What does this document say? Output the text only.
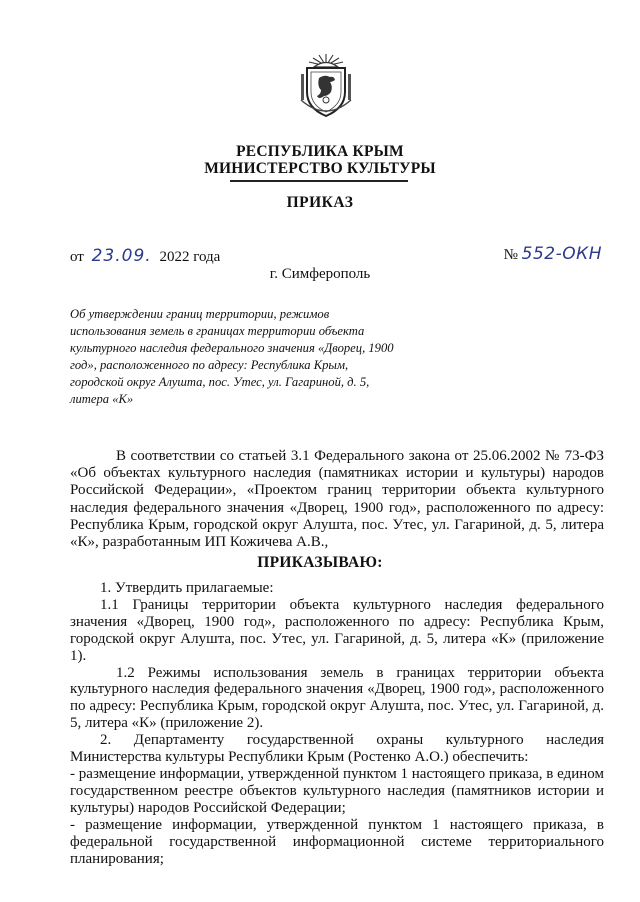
РЕСПУБЛИКА КРЫМ
МИНИСТЕРСТВО КУЛЬТУРЫ
ПРИКАЗ
от 23.09. 2022 года	№ 552-ОКН
г. Симферополь
Об утверждении границ территории, режимов использования земель в границах территории объекта культурного наследия федерального значения «Дворец, 1900 год», расположенного по адресу: Республика Крым, городской округ Алушта, пос. Утес, ул. Гагариной, д. 5, литера «К»

В соответствии со статьей 3.1 Федерального закона от 25.06.2002 № 73-ФЗ «Об объектах культурного наследия (памятниках истории и культуры) народов Российской Федерации», «Проектом границ территории объекта культурного наследия федерального значения «Дворец, 1900 год», расположенного по адресу: Республика Крым, городской округ Алушта, пос. Утес, ул. Гагариной, д. 5, литера «К», разработанным ИП Кожичева А.В.,

ПРИКАЗЫВАЮ:

1. Утвердить прилагаемые:

1.1 Границы территории объекта культурного наследия федерального значения «Дворец, 1900 год», расположенного по адресу: Республика Крым, городской округ Алушта, пос. Утес, ул. Гагариной, д. 5, литера «К» (приложение 1).

1.2 Режимы использования земель в границах территории объекта культурного наследия федерального значения «Дворец, 1900 год», расположенного по адресу: Республика Крым, городской округ Алушта, пос. Утес, ул. Гагариной, д. 5, литера «К» (приложение 2).

2. Департаменту государственной охраны культурного наследия Министерства культуры Республики Крым (Ростенко А.О.) обеспечить:

- размещение информации, утвержденной пунктом 1 настоящего приказа, в едином государственном реестре объектов культурного наследия (памятников истории и культуры) народов Российской Федерации;

- размещение информации, утвержденной пунктом 1 настоящего приказа, в федеральной государственной информационной системе территориального планирования;
